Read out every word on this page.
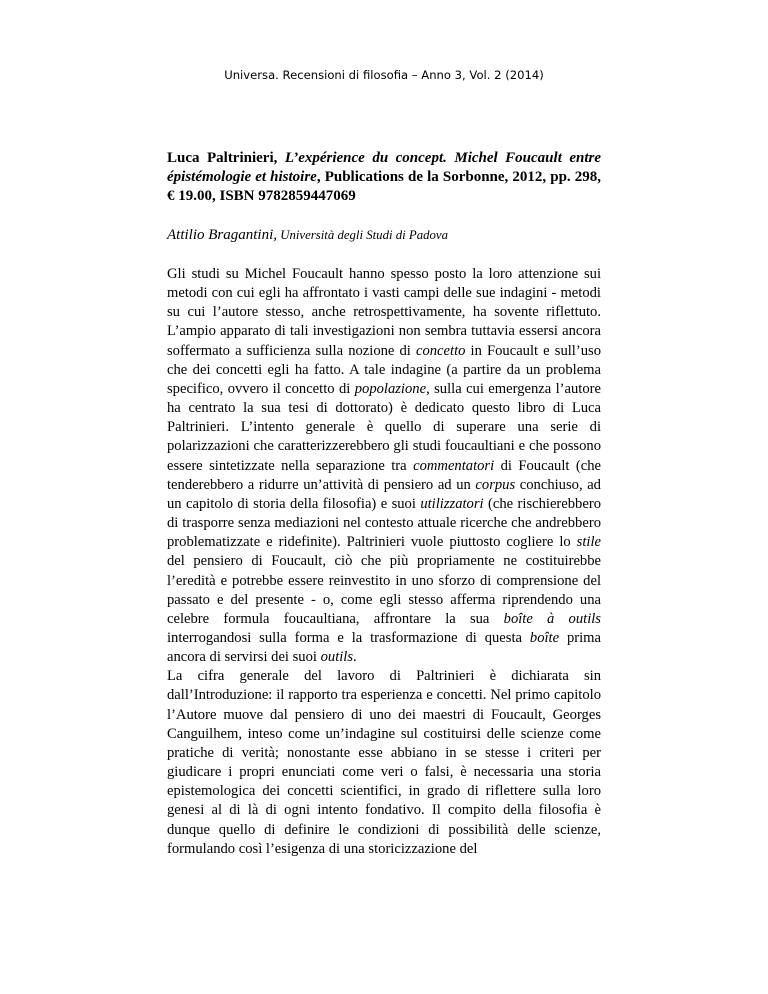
Universa. Recensioni di filosofia – Anno 3, Vol. 2 (2014)

Luca Paltrinieri, L’expérience du concept. Michel Foucault entre épistémologie et histoire, Publications de la Sorbonne, 2012, pp. 298, € 19.00, ISBN 9782859447069

Attilio Bragantini, Università degli Studi di Padova

Gli studi su Michel Foucault hanno spesso posto la loro attenzione sui metodi con cui egli ha affrontato i vasti campi delle sue indagini - metodi su cui l’autore stesso, anche retrospettivamente, ha sovente riflettuto. L’ampio apparato di tali investigazioni non sembra tuttavia essersi ancora soffermato a sufficienza sulla nozione di concetto in Foucault e sull’uso che dei concetti egli ha fatto. A tale indagine (a partire da un problema specifico, ovvero il concetto di popolazione, sulla cui emergenza l’autore ha centrato la sua tesi di dottorato) è dedicato questo libro di Luca Paltrinieri. L’intento generale è quello di superare una serie di polarizzazioni che caratterizzerebbero gli studi foucaultiani e che possono essere sintetizzate nella separazione tra commentatori di Foucault (che tenderebbero a ridurre un’attività di pensiero ad un corpus conchiuso, ad un capitolo di storia della filosofia) e suoi utilizzatori (che rischierebbero di trasporre senza mediazioni nel contesto attuale ricerche che andrebbero problematizzate e ridefinite). Paltrinieri vuole piuttosto cogliere lo stile del pensiero di Foucault, ciò che più propriamente ne costituirebbe l’eredità e potrebbe essere reinvestito in uno sforzo di comprensione del passato e del presente - o, come egli stesso afferma riprendendo una celebre formula foucaultiana, affrontare la sua boîte à outils interrogandosi sulla forma e la trasformazione di questa boîte prima ancora di servirsi dei suoi outils.

La cifra generale del lavoro di Paltrinieri è dichiarata sin dall’Introduzione: il rapporto tra esperienza e concetti. Nel primo capitolo l’Autore muove dal pensiero di uno dei maestri di Foucault, Georges Canguilhem, inteso come un’indagine sul costituirsi delle scienze come pratiche di verità; nonostante esse abbiano in se stesse i criteri per giudicare i propri enunciati come veri o falsi, è necessaria una storia epistemologica dei concetti scientifici, in grado di riflettere sulla loro genesi al di là di ogni intento fondativo. Il compito della filosofia è dunque quello di definire le condizioni di possibilità delle scienze, formulando così l’esigenza di una storicizzazione del
